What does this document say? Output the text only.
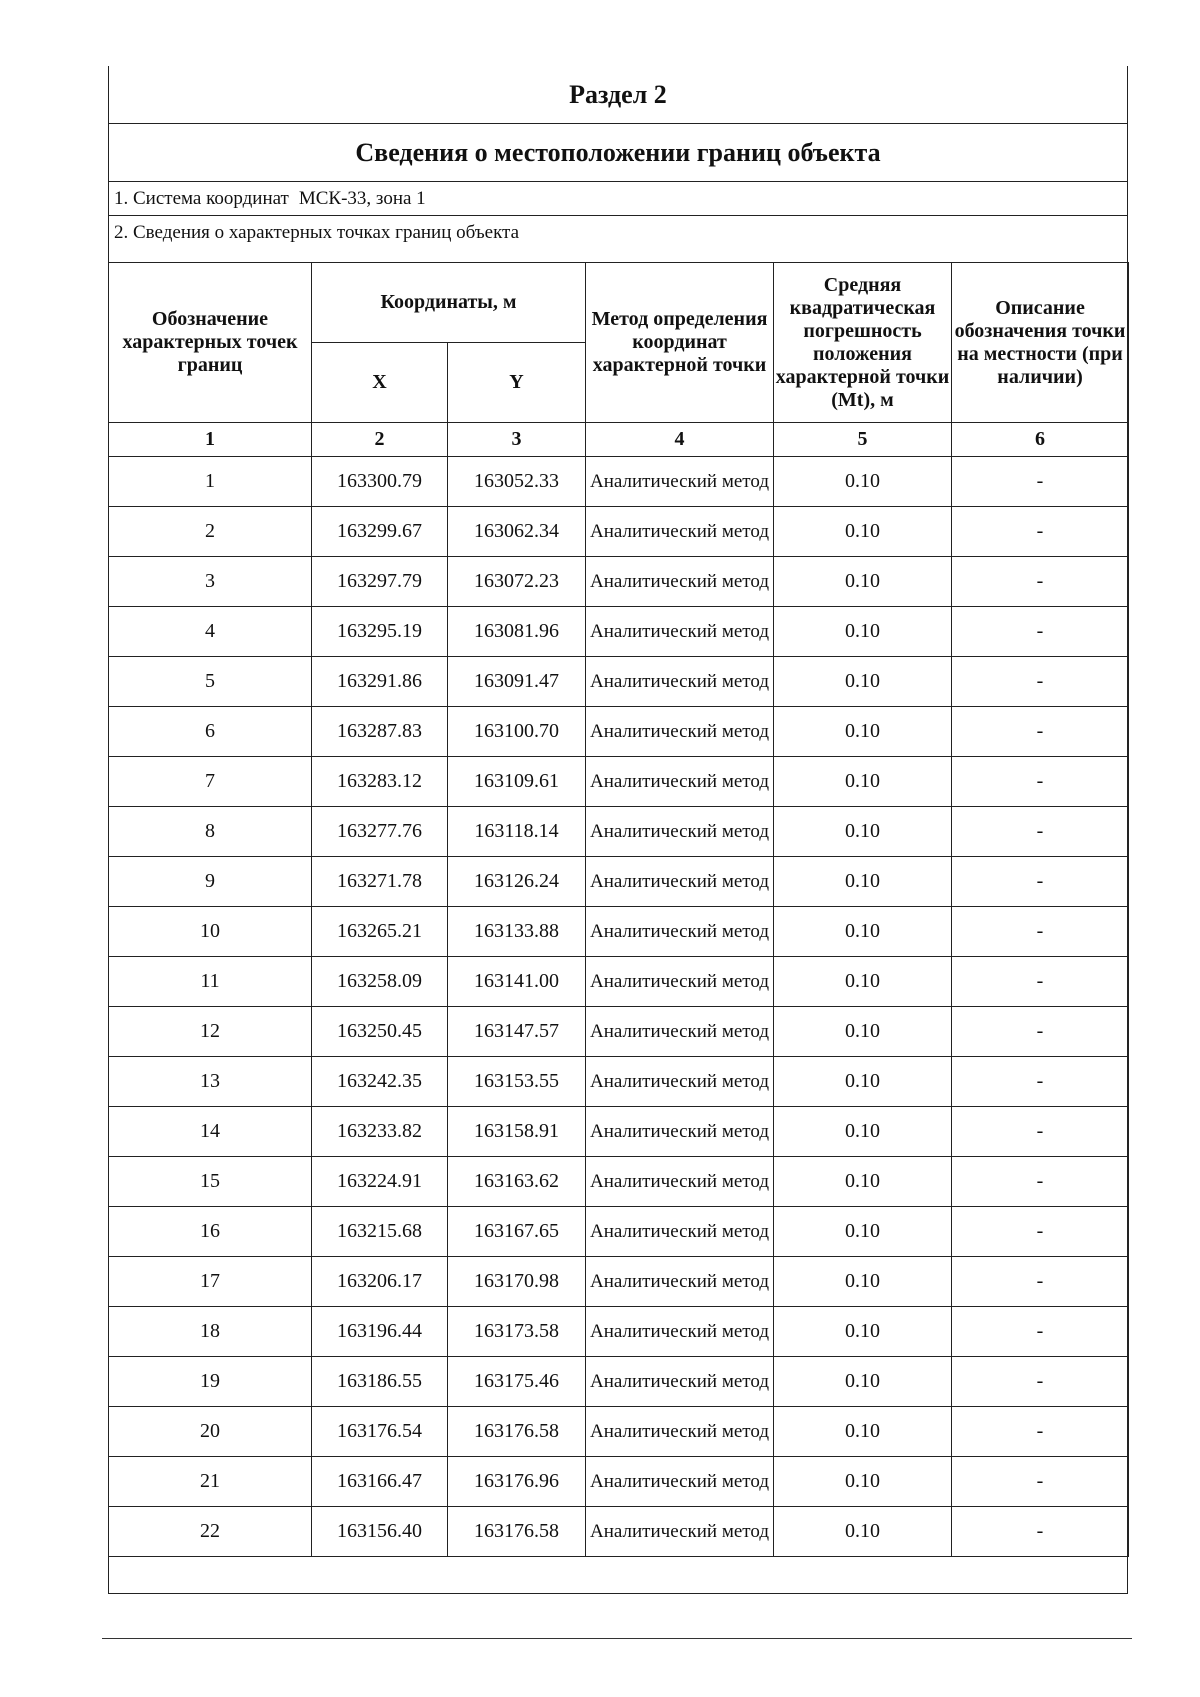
Раздел 2
Сведения о местоположении границ объекта
1. Система координат МСК-33, зона 1
2. Сведения о характерных точках границ объекта
Обозначение характерных точек границ	Координаты, м		Метод определения координат характерной точки	Средняя квадратическая погрешность положения характерной точки (Mt), м	Описание обозначения точки на местности (при наличии)
	X	Y			
1	2	3	4	5	6
1	163300.79	163052.33	Аналитический метод	0.10	-
2	163299.67	163062.34	Аналитический метод	0.10	-
3	163297.79	163072.23	Аналитический метод	0.10	-
4	163295.19	163081.96	Аналитический метод	0.10	-
5	163291.86	163091.47	Аналитический метод	0.10	-
6	163287.83	163100.70	Аналитический метод	0.10	-
7	163283.12	163109.61	Аналитический метод	0.10	-
8	163277.76	163118.14	Аналитический метод	0.10	-
9	163271.78	163126.24	Аналитический метод	0.10	-
10	163265.21	163133.88	Аналитический метод	0.10	-
11	163258.09	163141.00	Аналитический метод	0.10	-
12	163250.45	163147.57	Аналитический метод	0.10	-
13	163242.35	163153.55	Аналитический метод	0.10	-
14	163233.82	163158.91	Аналитический метод	0.10	-
15	163224.91	163163.62	Аналитический метод	0.10	-
16	163215.68	163167.65	Аналитический метод	0.10	-
17	163206.17	163170.98	Аналитический метод	0.10	-
18	163196.44	163173.58	Аналитический метод	0.10	-
19	163186.55	163175.46	Аналитический метод	0.10	-
20	163176.54	163176.58	Аналитический метод	0.10	-
21	163166.47	163176.96	Аналитический метод	0.10	-
22	163156.40	163176.58	Аналитический метод	0.10	-
